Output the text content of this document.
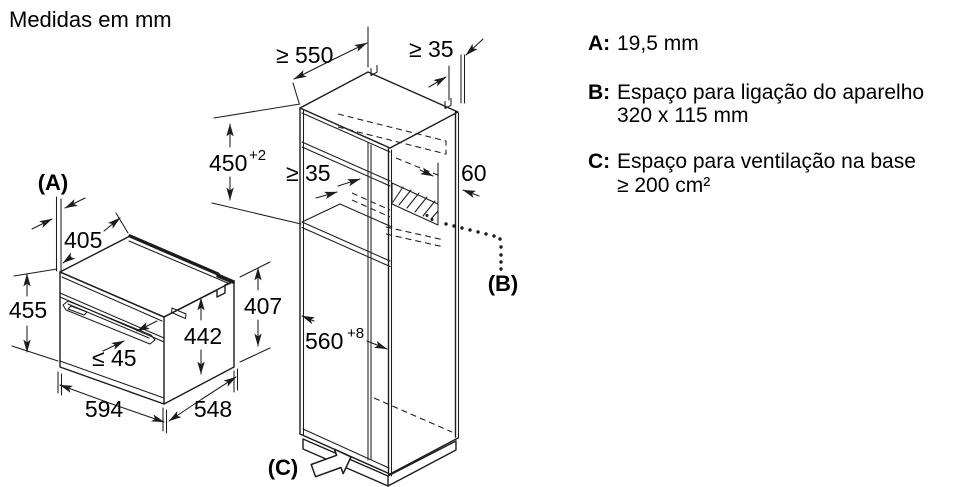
Medidas em mm
(A)
405
455
442
407
≤ 45
594	548
≥ 550	≥ 35
450 +2
≥ 35	60
560 +8
(B)
(C)
A: 19,5 mm
B: Espaço para ligação do aparelho
320 x 115 mm
C: Espaço para ventilação na base
≥ 200 cm²
